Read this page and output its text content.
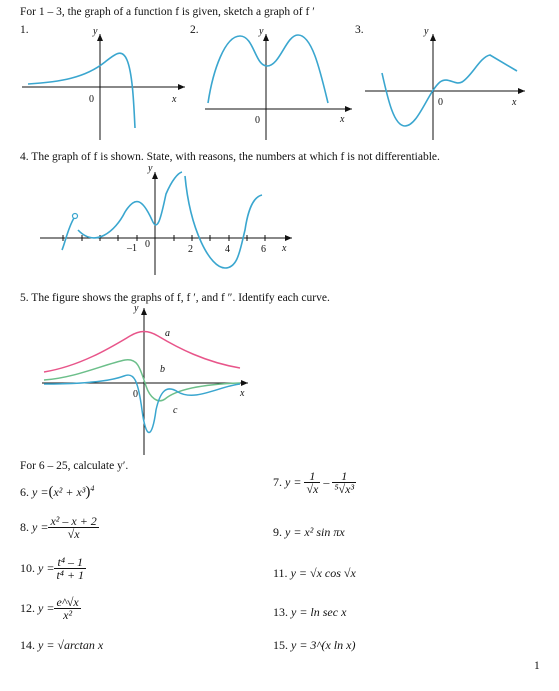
For 1 – 3, the graph of a function f is given, sketch a graph of f ′
1.	2.	3.
y
x
0
y
x
0
y
x
0
4. The graph of f is shown. State, with reasons, the numbers at which f is not differentiable.
y
x
–1 0	2	4	6
5. The figure shows the graphs of f, f ′, and f ″. Identify each curve.
y
x
0
a
b
c
For 6 – 25, calculate y′.
6. $y =(x^2 + x^3)^4$	7. $y = \frac{1}{√x} - \frac{1}{\text{⁵√x³}}$
8. $y = \frac{\text{x² – x + 2}}{√x}$	9. y = x² sin πx
10. $y = \frac{\text{t⁴ – 1}}{\text{t⁴ + 1}}$	11. y = √x cos √x
12. $y = \frac{e\^{}√x}{\text{x²}}$	13. y = ln sec x
14. y = √arctan x	15. y = 3^(x ln x)
1
